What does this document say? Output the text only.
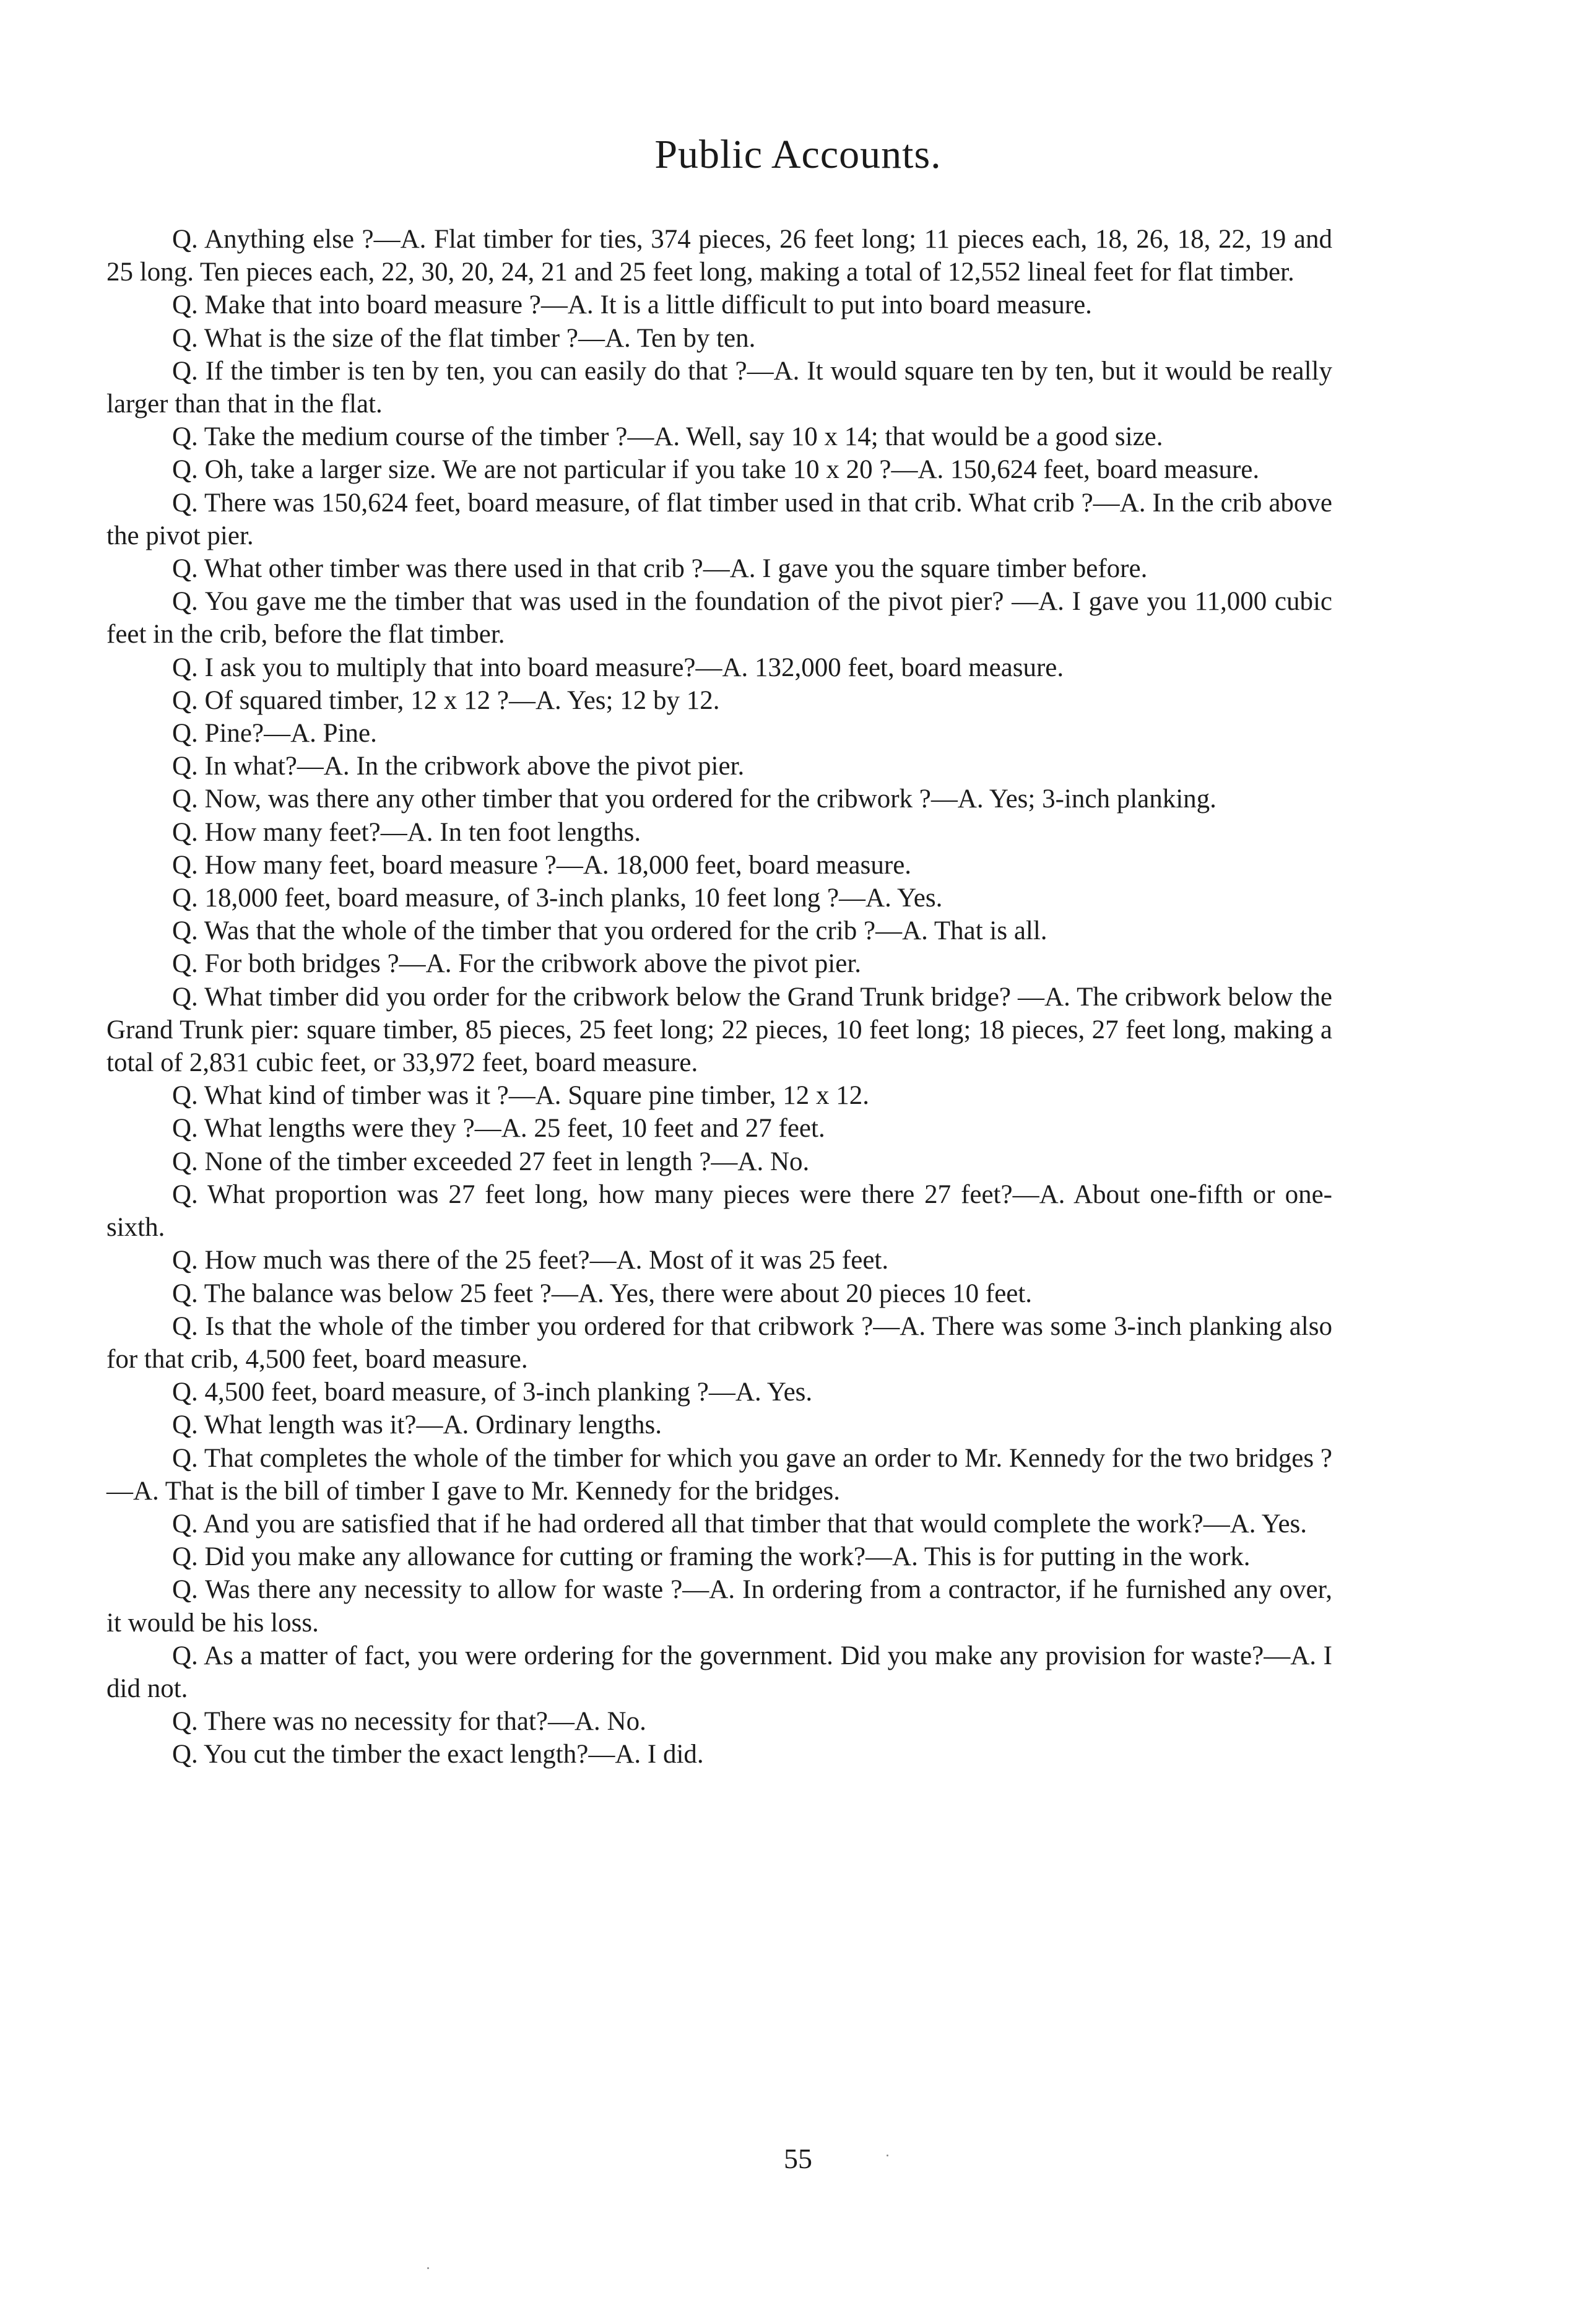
Public Accounts.

Q. Anything else ?—A. Flat timber for ties, 374 pieces, 26 feet long; 11 pieces each, 18, 26, 18, 22, 19 and 25 long. Ten pieces each, 22, 30, 20, 24, 21 and 25 feet long, making a total of 12,552 lineal feet for flat timber.

Q. Make that into board measure ?—A. It is a little difficult to put into board measure.

Q. What is the size of the flat timber ?—A. Ten by ten.

Q. If the timber is ten by ten, you can easily do that ?—A. It would square ten by ten, but it would be really larger than that in the flat.

Q. Take the medium course of the timber ?—A. Well, say 10 x 14; that would be a good size.

Q. Oh, take a larger size. We are not particular if you take 10 x 20 ?—A. 150,624 feet, board measure.

Q. There was 150,624 feet, board measure, of flat timber used in that crib. What crib ?—A. In the crib above the pivot pier.

Q. What other timber was there used in that crib ?—A. I gave you the square timber before.

Q. You gave me the timber that was used in the foundation of the pivot pier? —A. I gave you 11,000 cubic feet in the crib, before the flat timber.

Q. I ask you to multiply that into board measure?—A. 132,000 feet, board measure.

Q. Of squared timber, 12 x 12 ?—A. Yes; 12 by 12.

Q. Pine?—A. Pine.

Q. In what?—A. In the cribwork above the pivot pier.

Q. Now, was there any other timber that you ordered for the cribwork ?—A. Yes; 3-inch planking.

Q. How many feet?—A. In ten foot lengths.

Q. How many feet, board measure ?—A. 18,000 feet, board measure.

Q. 18,000 feet, board measure, of 3-inch planks, 10 feet long ?—A. Yes.

Q. Was that the whole of the timber that you ordered for the crib ?—A. That is all.

Q. For both bridges ?—A. For the cribwork above the pivot pier.

Q. What timber did you order for the cribwork below the Grand Trunk bridge? —A. The cribwork below the Grand Trunk pier: square timber, 85 pieces, 25 feet long; 22 pieces, 10 feet long; 18 pieces, 27 feet long, making a total of 2,831 cubic feet, or 33,972 feet, board measure.

Q. What kind of timber was it ?—A. Square pine timber, 12 x 12.

Q. What lengths were they ?—A. 25 feet, 10 feet and 27 feet.

Q. None of the timber exceeded 27 feet in length ?—A. No.

Q. What proportion was 27 feet long, how many pieces were there 27 feet?—A. About one-fifth or one-sixth.

Q. How much was there of the 25 feet?—A. Most of it was 25 feet.

Q. The balance was below 25 feet ?—A. Yes, there were about 20 pieces 10 feet.

Q. Is that the whole of the timber you ordered for that cribwork ?—A. There was some 3-inch planking also for that crib, 4,500 feet, board measure.

Q. 4,500 feet, board measure, of 3-inch planking ?—A. Yes.

Q. What length was it?—A. Ordinary lengths.

Q. That completes the whole of the timber for which you gave an order to Mr. Kennedy for the two bridges ?—A. That is the bill of timber I gave to Mr. Kennedy for the bridges.

Q. And you are satisfied that if he had ordered all that timber that that would complete the work?—A. Yes.

Q. Did you make any allowance for cutting or framing the work?—A. This is for putting in the work.

Q. Was there any necessity to allow for waste ?—A. In ordering from a contractor, if he furnished any over, it would be his loss.

Q. As a matter of fact, you were ordering for the government. Did you make any provision for waste?—A. I did not.

Q. There was no necessity for that?—A. No.

Q. You cut the timber the exact length?—A. I did.

55
